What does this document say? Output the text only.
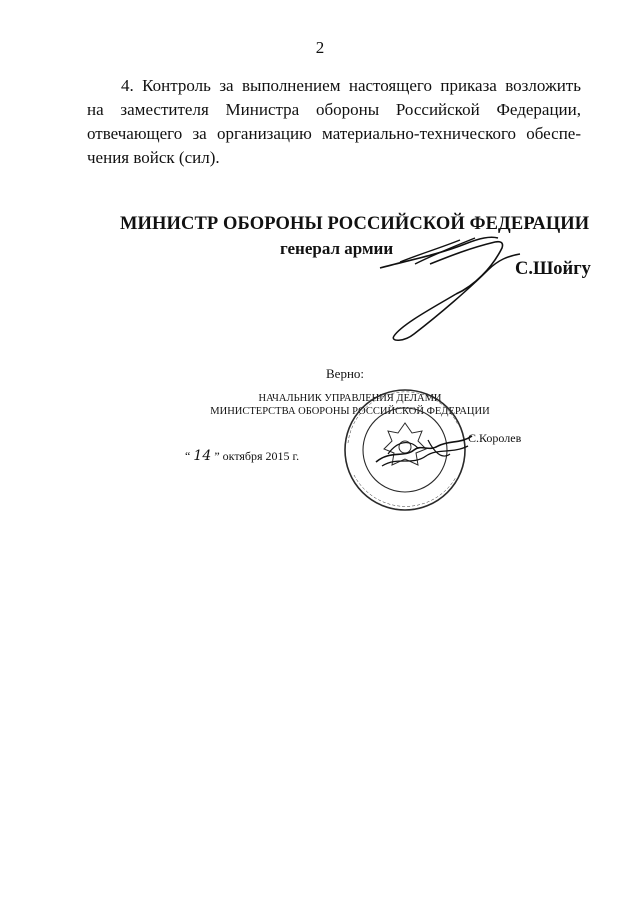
2
4. Контроль за выполнением настоящего приказа возложить
на заместителя Министра обороны Российской Федерации,
отвечающего за организацию материально-технического обеспе-
чения войск (сил).
МИНИСТР ОБОРОНЫ РОССИЙСКОЙ ФЕДЕРАЦИИ
генерал армии
С.Шойгу
Верно:
НАЧАЛЬНИК УПРАВЛЕНИЯ ДЕЛАМИ
МИНИСТЕРСТВА ОБОРОНЫ РОССИЙСКОЙ ФЕДЕРАЦИИ
С.Королев
“ 14 ” октября 2015 г.
